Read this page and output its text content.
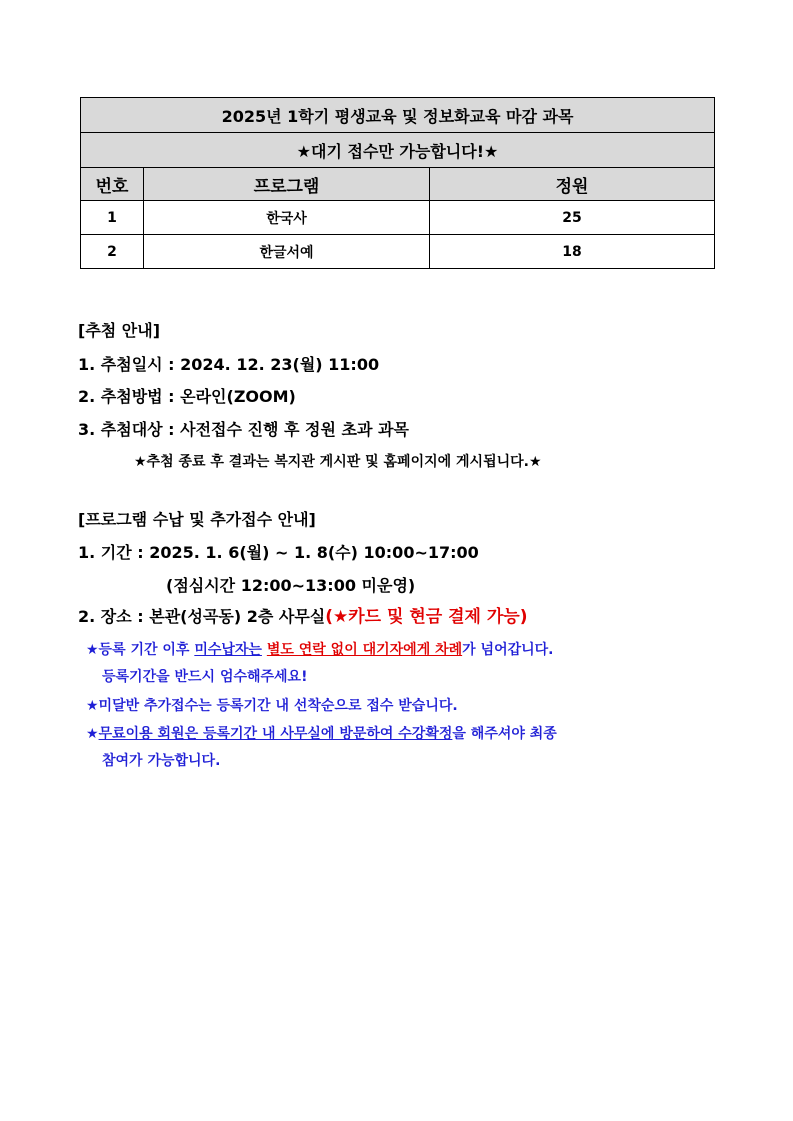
2025년 1학기 평생교육 및 정보화교육 마감 과목		
★대기 접수만 가능합니다!★		
번호	프로그램	정원
1	한국사	25
2	한글서예	18
[추첨 안내]
1. 추첨일시 : 2024. 12. 23(월) 11:00
2. 추첨방법 : 온라인(ZOOM)
3. 추첨대상 : 사전접수 진행 후 정원 초과 과목
★추첨 종료 후 결과는 복지관 게시판 및 홈페이지에 게시됩니다.★
[프로그램 수납 및 추가접수 안내]
1. 기간 : 2025. 1. 6(월) ~ 1. 8(수) 10:00~17:00
(점심시간 12:00~13:00 미운영)
2. 장소 : 본관(성곡동) 2층 사무실(★카드 및 현금 결제 가능)
★등록 기간 이후 미수납자는 별도 연락 없이 대기자에게 차례가 넘어갑니다.
등록기간을 반드시 엄수해주세요!
★미달반 추가접수는 등록기간 내 선착순으로 접수 받습니다.
★무료이용 회원은 등록기간 내 사무실에 방문하여 수강확정을 해주셔야 최종
참여가 가능합니다.
